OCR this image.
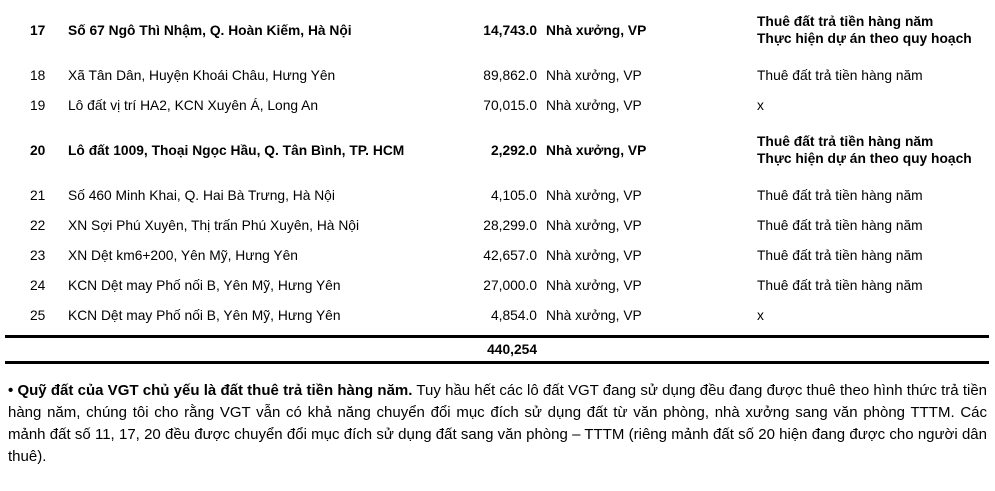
17	Số 67 Ngô Thì Nhậm, Q. Hoàn Kiếm, Hà Nội	14,743.0 Nhà xưởng, VP
Thuê đất trả tiền hàng năm
Thực hiện dự án theo quy hoạch
18	Xã Tân Dân, Huyện Khoái Châu, Hưng Yên	89,862.0 Nhà xưởng, VP	Thuê đất trả tiền hàng năm
19	Lô đất vị trí HA2, KCN Xuyên Á, Long An	70,015.0 Nhà xưởng, VP	x
20	Lô đất 1009, Thoại Ngọc Hầu, Q. Tân Bình, TP. HCM	2,292.0 Nhà xưởng, VP
Thuê đất trả tiền hàng năm
Thực hiện dự án theo quy hoạch
21	Số 460 Minh Khai, Q. Hai Bà Trưng, Hà Nội	4,105.0 Nhà xưởng, VP	Thuê đất trả tiền hàng năm
22	XN Sợi Phú Xuyên, Thị trấn Phú Xuyên, Hà Nội	28,299.0 Nhà xưởng, VP	Thuê đất trả tiền hàng năm
23	XN Dệt km6+200, Yên Mỹ, Hưng Yên	42,657.0 Nhà xưởng, VP	Thuê đất trả tiền hàng năm
24	KCN Dệt may Phố nối B, Yên Mỹ, Hưng Yên	27,000.0 Nhà xưởng, VP	Thuê đất trả tiền hàng năm
25	KCN Dệt may Phố nối B, Yên Mỹ, Hưng Yên	4,854.0 Nhà xưởng, VP	x
440,254

• Quỹ đất của VGT chủ yếu là đất thuê trả tiền hàng năm. Tuy hầu hết các lô đất VGT đang sử dụng đều đang được thuê theo hình thức trả tiền hàng năm, chúng tôi cho rằng VGT vẫn có khả năng chuyển đổi mục đích sử dụng đất từ văn phòng, nhà xưởng sang văn phòng TTTM. Các mảnh đất số 11, 17, 20 đều được chuyển đổi mục đích sử dụng đất sang văn phòng – TTTM (riêng mảnh đất số 20 hiện đang được cho người dân thuê).
